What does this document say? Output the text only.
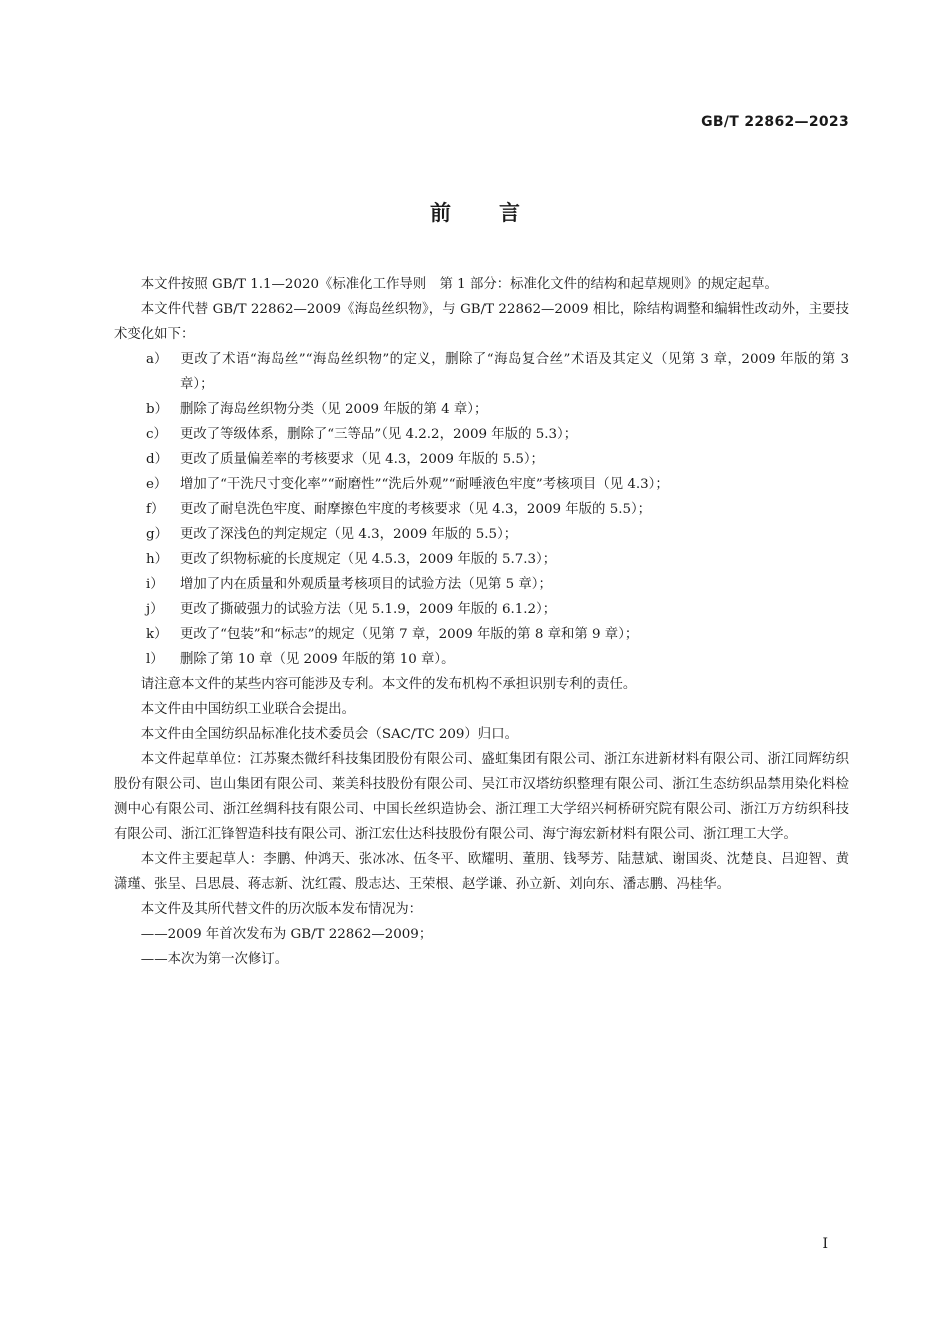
GB/T 22862—2023
前言

本文件按照 GB/T 1.1—2020《标准化工作导则　第 1 部分：标准化文件的结构和起草规则》的规定起草。

本文件代替 GB/T 22862—2009《海岛丝织物》，与 GB/T 22862—2009 相比，除结构调整和编辑性改动外，主要技术变化如下：

a） 更改了术语“海岛丝”“海岛丝织物”的定义，删除了“海岛复合丝”术语及其定义（见第 3 章，2009 年版的第 3 章）；

b） 删除了海岛丝织物分类（见 2009 年版的第 4 章）；

c） 更改了等级体系，删除了“三等品”（见 4.2.2，2009 年版的 5.3）；

d） 更改了质量偏差率的考核要求（见 4.3，2009 年版的 5.5）；

e） 增加了“干洗尺寸变化率”“耐磨性”“洗后外观”“耐唾液色牢度”考核项目（见 4.3）；

f） 更改了耐皂洗色牢度、耐摩擦色牢度的考核要求（见 4.3，2009 年版的 5.5）；

g） 更改了深浅色的判定规定（见 4.3，2009 年版的 5.5）；

h） 更改了织物标疵的长度规定（见 4.5.3，2009 年版的 5.7.3）；

i） 增加了内在质量和外观质量考核项目的试验方法（见第 5 章）；

j） 更改了撕破强力的试验方法（见 5.1.9，2009 年版的 6.1.2）；

k） 更改了“包装”和“标志”的规定（见第 7 章，2009 年版的第 8 章和第 9 章）；

l） 删除了第 10 章（见 2009 年版的第 10 章）。

请注意本文件的某些内容可能涉及专利。本文件的发布机构不承担识别专利的责任。

本文件由中国纺织工业联合会提出。

本文件由全国纺织品标准化技术委员会（SAC/TC 209）归口。

本文件起草单位：江苏聚杰微纤科技集团股份有限公司、盛虹集团有限公司、浙江东进新材料有限公司、浙江同辉纺织股份有限公司、岜山集团有限公司、莱美科技股份有限公司、吴江市汉塔纺织整理有限公司、浙江生态纺织品禁用染化料检测中心有限公司、浙江丝绸科技有限公司、中国长丝织造协会、浙江理工大学绍兴柯桥研究院有限公司、浙江万方纺织科技有限公司、浙江汇锋智造科技有限公司、浙江宏仕达科技股份有限公司、海宁海宏新材料有限公司、浙江理工大学。

本文件主要起草人：李鹏、仲鸿天、张冰冰、伍冬平、欧耀明、董朋、钱琴芳、陆慧斌、谢国炎、沈楚良、吕迎智、黄潇瑾、张呈、吕思晨、蒋志新、沈红霞、殷志达、王荣根、赵学谦、孙立新、刘向东、潘志鹏、冯桂华。

本文件及其所代替文件的历次版本发布情况为：

——2009 年首次发布为 GB/T 22862—2009；

——本次为第一次修订。

I
